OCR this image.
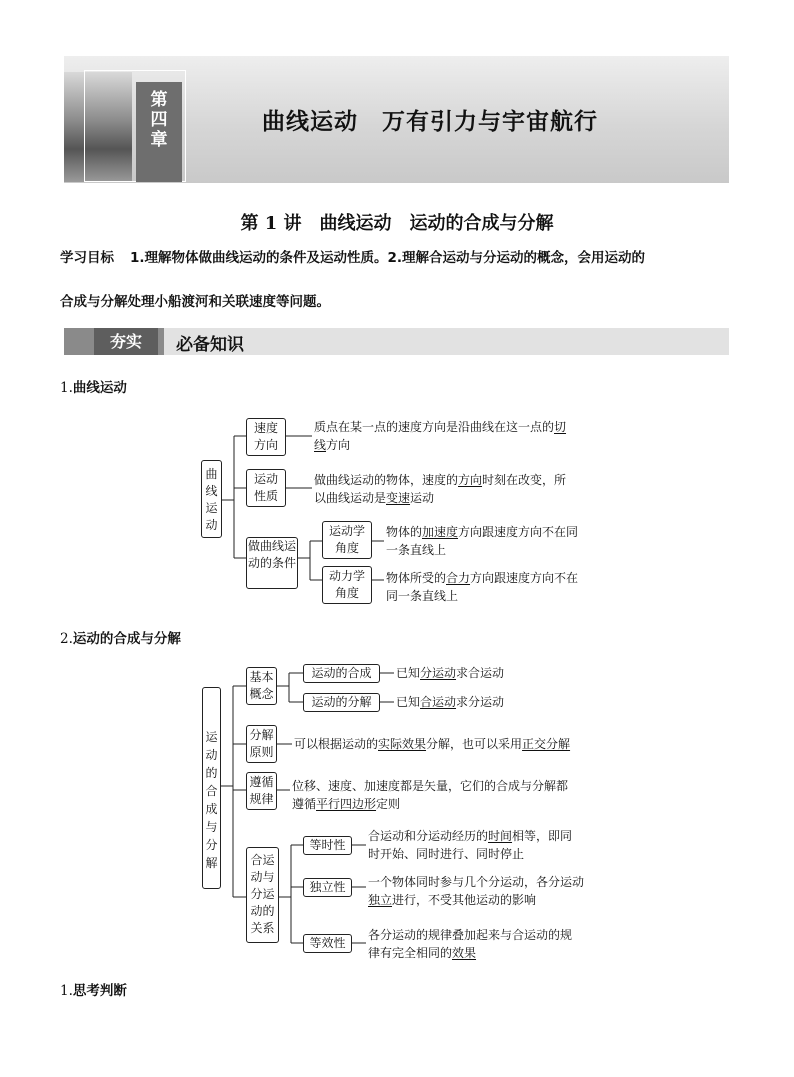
第四章
曲线运动　万有引力与宇宙航行
第 1 讲　曲线运动　运动的合成与分解
学习目标 1.理解物体做曲线运动的条件及运动性质。2.理解合运动与分运动的概念，会用运动的
合成与分解处理小船渡河和关联速度等问题。
夯实	必备知识
1.曲线运动
曲线运动
速度方向
运动性质
做曲线运动的条件
运动学角度
动力学角度
质点在某一点的速度方向是沿曲线在这一点的切
线方向
做曲线运动的物体，速度的方向时刻在改变，所
以曲线运动是变速运动
物体的加速度方向跟速度方向不在同
一条直线上
物体所受的合力方向跟速度方向不在
同一条直线上
2.运动的合成与分解
运动的合成与分解
基本概念
分解原则
遵循规律
合运动与分运动的关系
运动的合成
运动的分解
等时性
独立性
等效性
已知分运动求合运动
已知合运动求分运动
可以根据运动的实际效果分解，也可以采用正交分解
位移、速度、加速度都是矢量，它们的合成与分解都
遵循平行四边形定则
合运动和分运动经历的时间相等，即同
时开始、同时进行、同时停止
一个物体同时参与几个分运动，各分运动
独立进行，不受其他运动的影响
各分运动的规律叠加起来与合运动的规
律有完全相同的效果
1.思考判断
